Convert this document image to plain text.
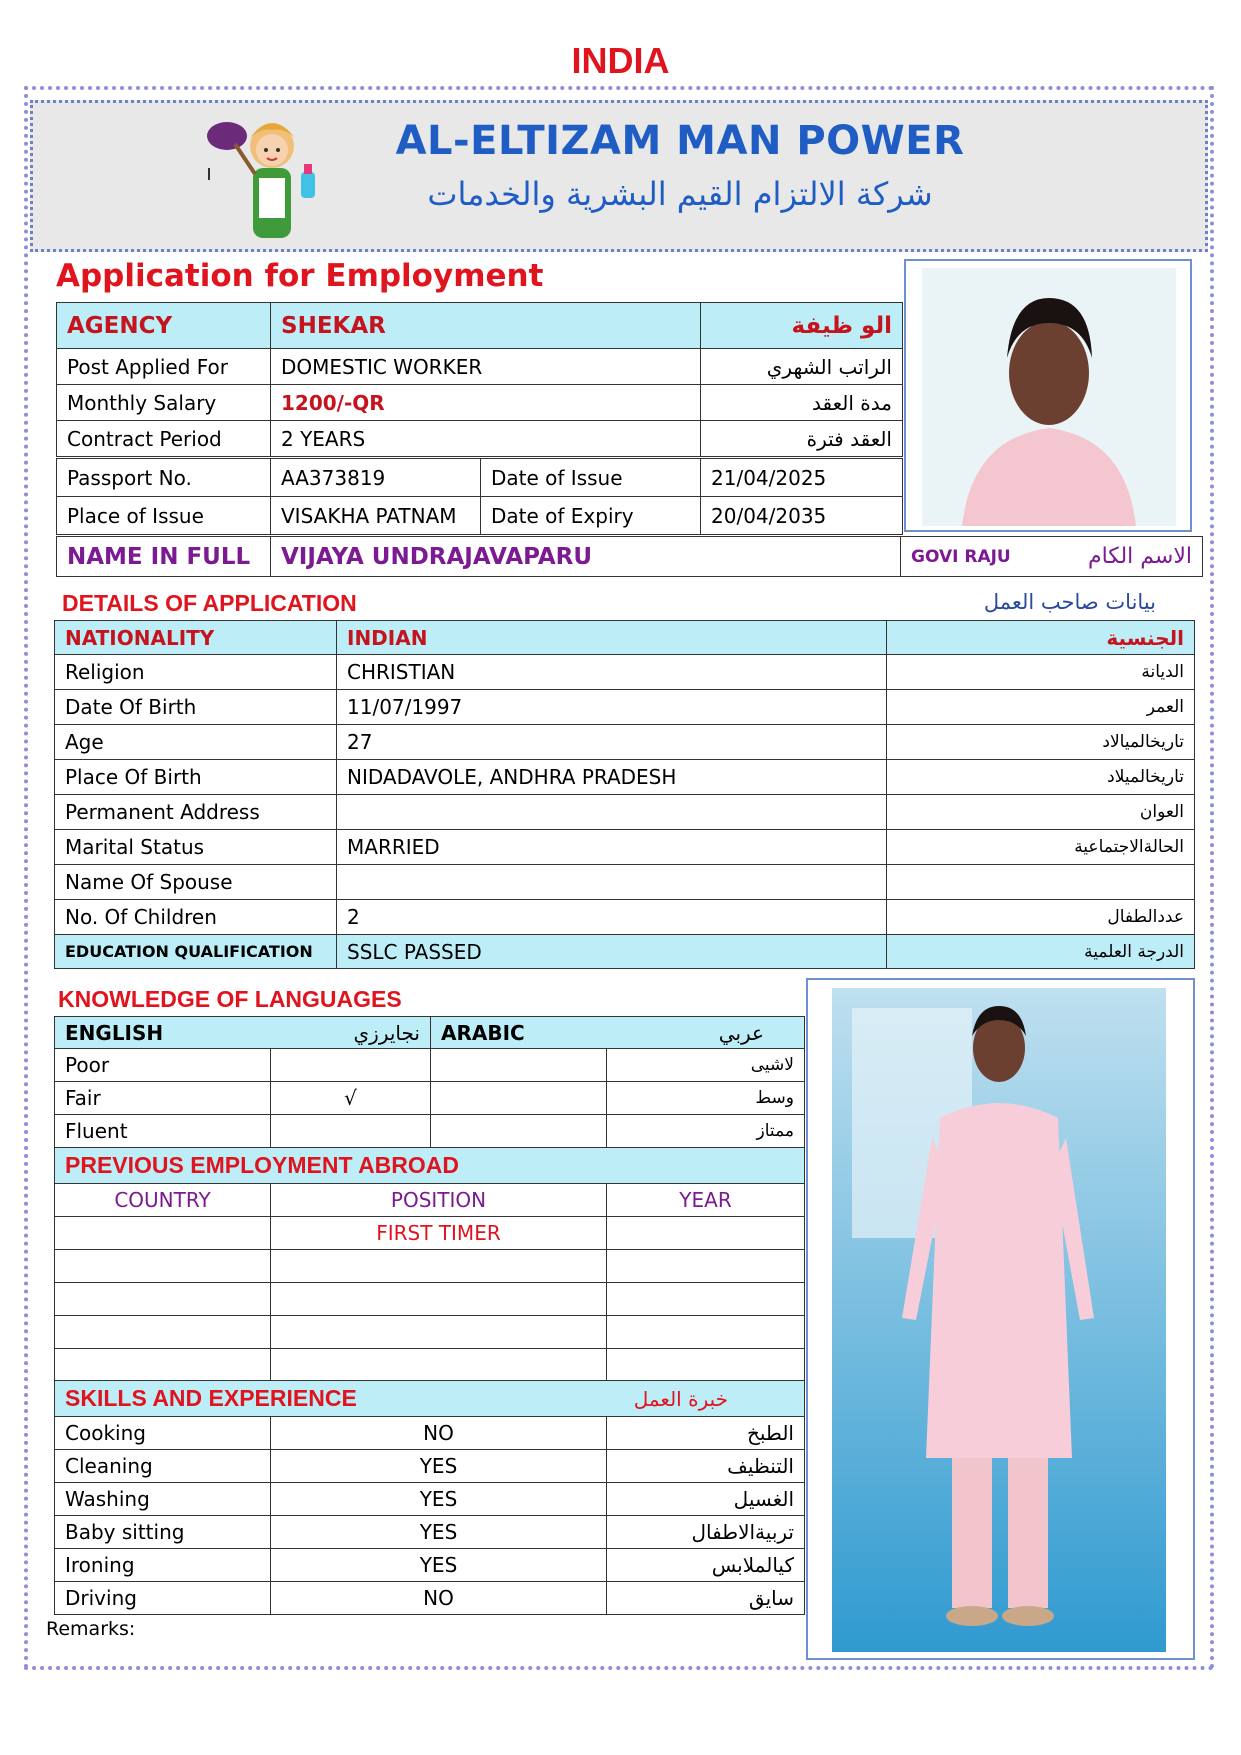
INDIA
AL-ELTIZAM MAN POWER
شركة الالتزام القيم البشرية والخدمات
Application for Employment
AGENCY	SHEKAR	الو ظيفة
Post Applied For	DOMESTIC WORKER	الراتب الشهري
Monthly Salary	1200/-QR	مدة العقد
Contract Period	2 YEARS	العقد فترة
Passport No.	AA373819	Date of Issue	21/04/2025
Place of Issue	VISAKHA PATNAM	Date of Expiry	20/04/2035
NAME IN FULL	VIJAYA UNDRAJAVAPARU	GOVI RAJU	الاسم الكام
DETAILS OF APPLICATION	بيانات صاحب العمل
NATIONALITY	INDIAN	الجنسية
Religion	CHRISTIAN	الديانة
Date Of Birth	11/07/1997	العمر
Age	27	تاريخالميالاد
Place Of Birth	NIDADAVOLE, ANDHRA PRADESH	تاريخالميلاد
Permanent Address		العوان
Marital Status	MARRIED	الحالةالاجتماعية
Name Of Spouse		
No. Of Children	2	عددالطفال
EDUCATION QUALIFICATION	SSLC PASSED	الدرجة العلمية
KNOWLEDGE OF LANGUAGES
ENGLISH	نجايرزي	ARABIC	عربي
Poor			لاشيى
Fair	√		وسط
Fluent			ممتاز
PREVIOUS EMPLOYMENT ABROAD		
COUNTRY	POSITION	YEAR
	FIRST TIMER	

SKILLS AND EXPERIENCE		خبرة العمل
Cooking	NO	الطبخ
Cleaning	YES	التنظيف
Washing	YES	الغسيل
Baby sitting	YES	تربيةالاطفال
Ironing	YES	كيالملابس
Driving	NO	سايق
Remarks:
